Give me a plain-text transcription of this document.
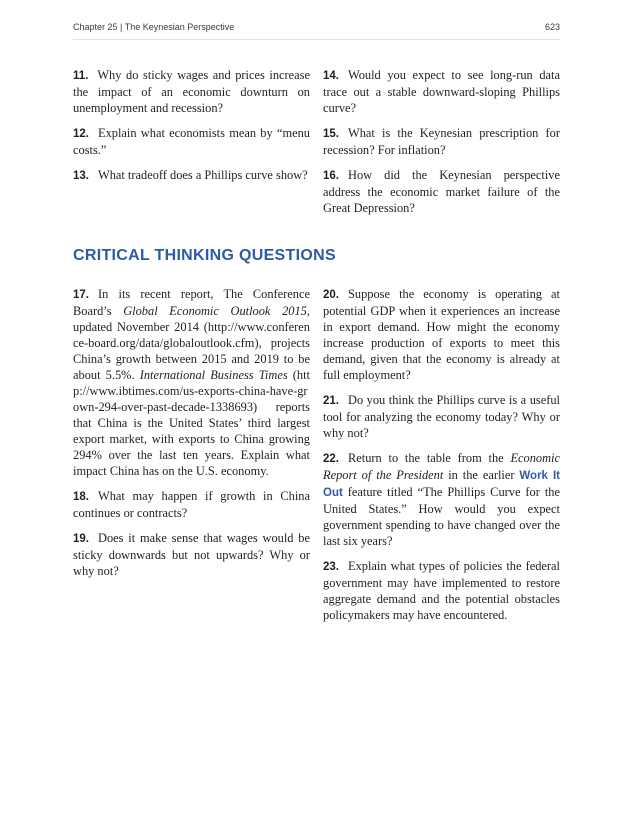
Chapter 25 | The Keynesian Perspective	623

11. Why do sticky wages and prices increase the impact of an economic downturn on unemployment and recession?

12. Explain what economists mean by “menu costs.”

13. What tradeoff does a Phillips curve show?

14. Would you expect to see long-run data trace out a stable downward-sloping Phillips curve?

15. What is the Keynesian prescription for recession? For inflation?

16. How did the Keynesian perspective address the economic market failure of the Great Depression?

CRITICAL THINKING QUESTIONS

17. In its recent report, The Conference Board’s Global Economic Outlook 2015, updated November 2014 (http://www.conference-board.org/data/globaloutlook.cfm), projects China’s growth between 2015 and 2019 to be about 5.5%. International Business Times (http://www.ibtimes.com/us-exports-china-have-grown-294-over-past-decade-1338693) reports that China is the United States’ third largest export market, with exports to China growing 294% over the last ten years. Explain what impact China has on the U.S. economy.

18. What may happen if growth in China continues or contracts?

19. Does it make sense that wages would be sticky downwards but not upwards? Why or why not?

20. Suppose the economy is operating at potential GDP when it experiences an increase in export demand. How might the economy increase production of exports to meet this demand, given that the economy is already at full employment?

21. Do you think the Phillips curve is a useful tool for analyzing the economy today? Why or why not?

22. Return to the table from the Economic Report of the President in the earlier Work It Out feature titled “The Phillips Curve for the United States.” How would you expect government spending to have changed over the last six years?

23. Explain what types of policies the federal government may have implemented to restore aggregate demand and the potential obstacles policymakers may have encountered.
